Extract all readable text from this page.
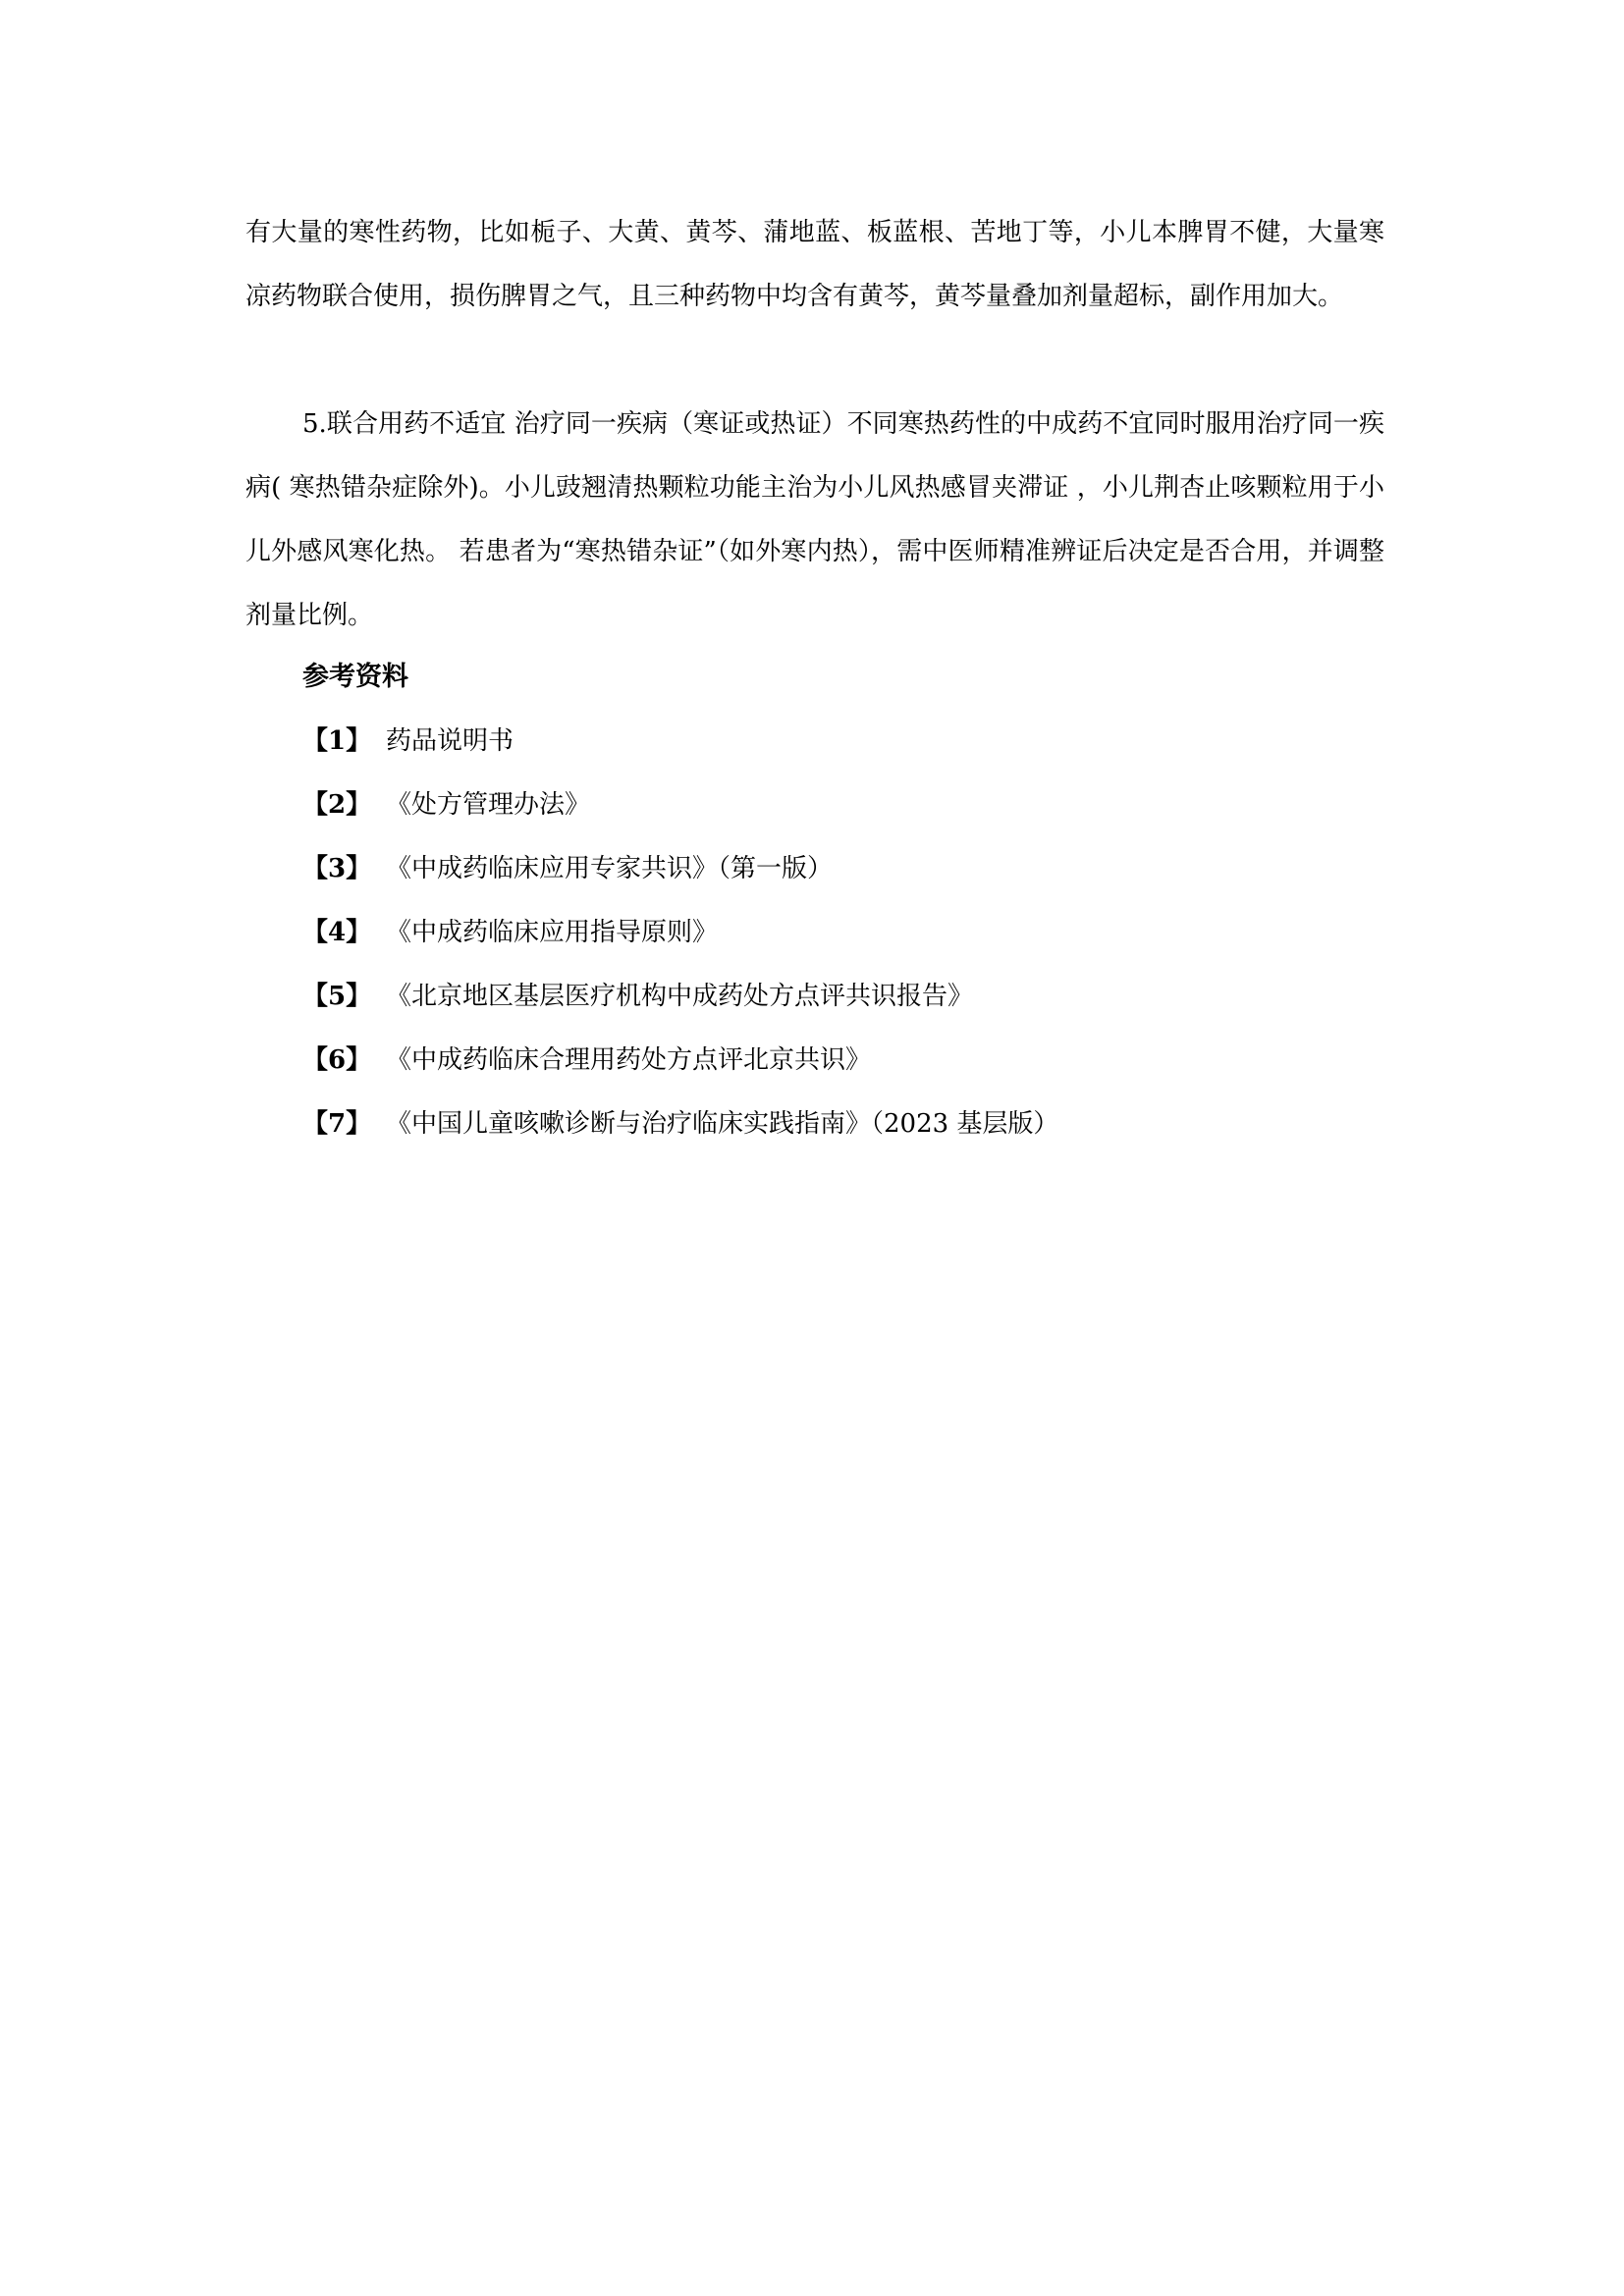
有大量的寒性药物，比如栀子、大黄、黄芩、蒲地蓝、板蓝根、苦地丁等，小儿本脾胃不健，大量寒凉药物联合使用，损伤脾胃之气，且三种药物中均含有黄芩，黄芩量叠加剂量超标，副作用加大。

5.联合用药不适宜 治疗同一疾病（寒证或热证）不同寒热药性的中成药不宜同时服用治疗同一疾病( 寒热错杂症除外)。小儿豉翘清热颗粒功能主治为小儿风热感冒夹滞证 ，小儿荆杏止咳颗粒用于小儿外感风寒化热。 若患者为“寒热错杂证”（如外寒内热），需中医师精准辨证后决定是否合用，并调整剂量比例。

参考资料
【1】 药品说明书
【2】 《处方管理办法》
【3】 《中成药临床应用专家共识》（第一版）
【4】 《中成药临床应用指导原则》
【5】 《北京地区基层医疗机构中成药处方点评共识报告》
【6】 《中成药临床合理用药处方点评北京共识》
【7】 《中国儿童咳嗽诊断与治疗临床实践指南》（2023 基层版）
